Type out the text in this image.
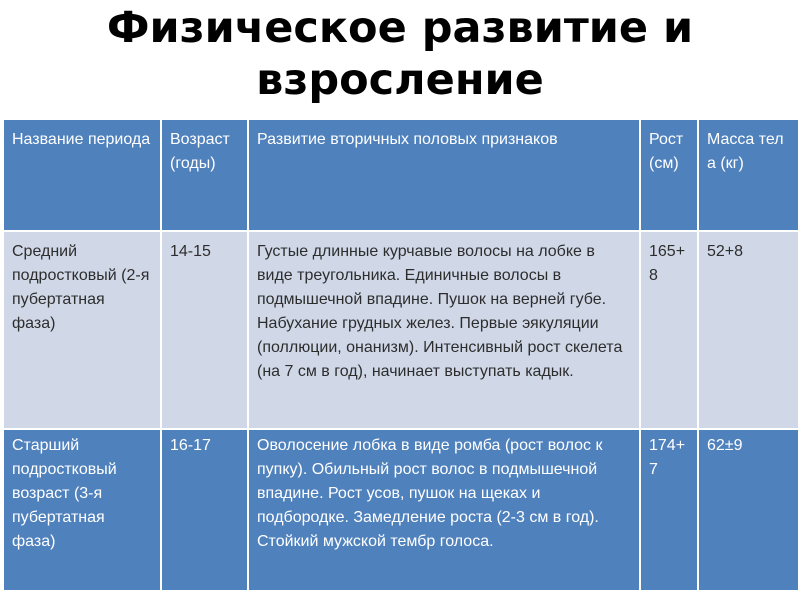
Физическое развитие и
взросление
Название периода	Возраст (годы)	Развитие вторичных половых признаков	Рост (см)	Масса тела (кг)
Средний подростковый (2-я пубертатная фаза)	14-15	Густые длинные курчавые волосы на лобке в виде треугольника. Единичные волосы в подмышечной впадине. Пушок на верней губе. Набухание грудных желез. Первые эякуляции (поллюции, онанизм). Интенсивный рост скелета (на 7 см в год), начинает выступать кадык.	165+8	52+8
Старший подростковый возраст (3-я пубертатная фаза)	16-17	Оволосение лобка в виде ромба (рост волос к пупку). Обильный рост волос в подмышечной впадине. Рост усов, пушок на щеках и подбородке. Замедление роста (2-3 см в год). Стойкий мужской тембр голоса.	174+7	62±9
